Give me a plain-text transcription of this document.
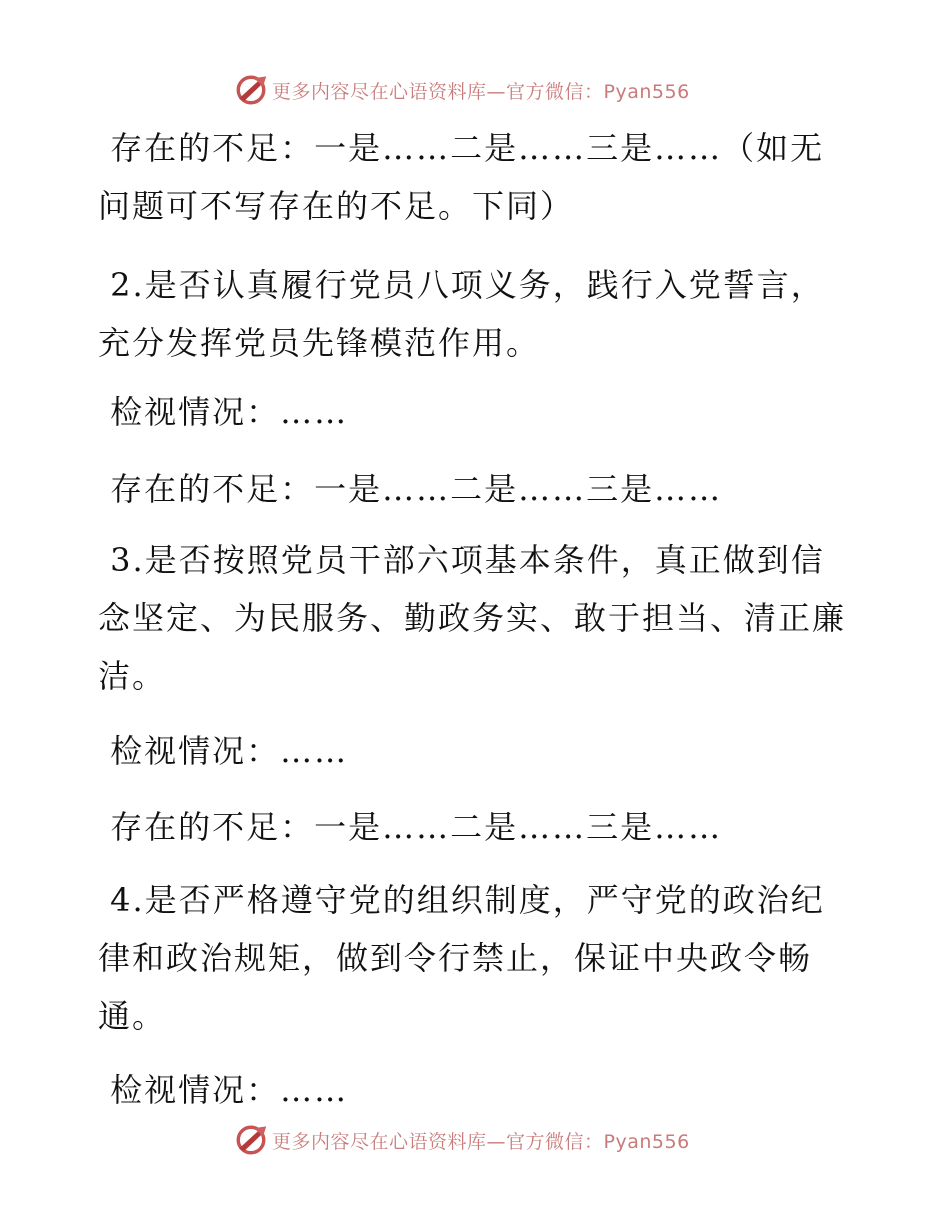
更多内容尽在心语资料库—官方微信：Pyan556

存在的不足：一是……二是……三是……（如无
问题可不写存在的不足。下同）

2.是否认真履行党员八项义务，践行入党誓言，
充分发挥党员先锋模范作用。

检视情况：……

存在的不足：一是……二是……三是……

3.是否按照党员干部六项基本条件，真正做到信
念坚定、为民服务、勤政务实、敢于担当、清正廉
洁。

检视情况：……

存在的不足：一是……二是……三是……

4.是否严格遵守党的组织制度，严守党的政治纪
律和政治规矩，做到令行禁止，保证中央政令畅
通。

检视情况：……

更多内容尽在心语资料库—官方微信：Pyan556
